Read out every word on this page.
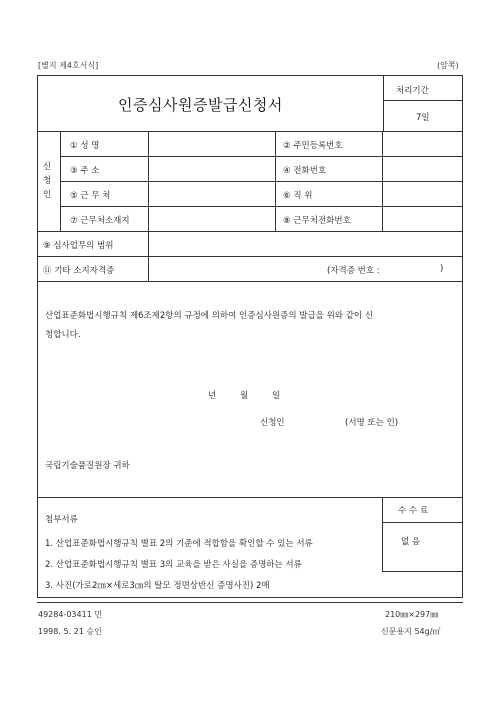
[별지 제4호서식]	(앞쪽)
인증심사원증발급신청서
처리기간
7일
신
청
인
① 성 명	② 주민등록번호
③ 주 소	④ 전화번호
⑤ 근 무 처	⑥ 직 위
⑦ 근무처소재지	⑧ 근무처전화번호
⑨ 심사업무의 범위
⑪ 기타 소지자격증	(자격증 번호 :	)
산업표준화법시행규칙 제6조제2항의 규정에 의하여 인증심사원증의 발급을 위와 같이 신
청합니다.
년	월	일
신청인	(서명 또는 인)
국립기술품질원장 귀하
수 수 료
없 음
첨부서류
1. 산업표준화법시행규칙 별표 2의 기준에 적합함을 확인할 수 있는 서류
2. 산업표준화법시행규칙 별표 3의 교육을 받은 사실을 증명하는 서류
3. 사진(가로2㎝×세로3㎝의 탈모 정면상반신 증명사진) 2매
49284-03411 민
1998. 5. 21 승인
210㎜×297㎜
신문용지 54g/㎡
